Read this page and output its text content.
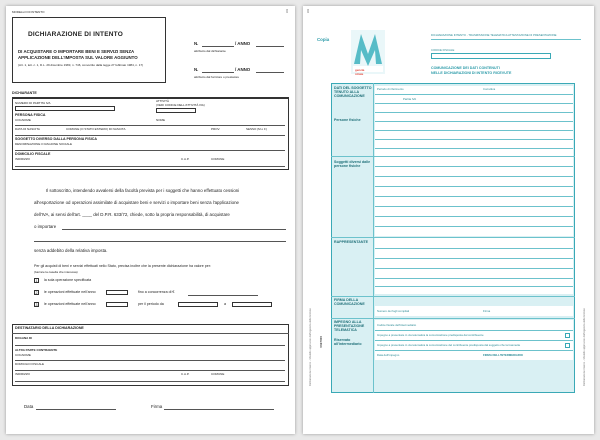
MODELLO DI INTENTO	▯
DICHIARAZIONE DI INTENTO
DI ACQUISTARE O IMPORTARE BENI E SERVIZI SENZA
APPLICAZIONE DELL'IMPOSTA SUL VALORE AGGIUNTO
(Art. 1, lett. c. 1, D.L. 29 dicembre 1983, n. 746, convertito dalla legge 27 febbraio 1984, n. 17)
N.	/ ANNO
attribuito dal dichiarante
N.	/ ANNO
attribuito dal fornitore o prestatore
DICHIARANTE
NUMERO DI PARTITA IVA	ATTIVITÀ
(VEDI CODICE DELL'ATTIVITÀ IVA)
PERSONA FISICA
COGNOME	NOME
DATA DI NASCITA	COMUNE (O STATO ESTERO) DI NASCITA	PROV.	SESSO (M o F)
SOGGETTO DIVERSO DALLA PERSONA FISICA
DENOMINAZIONE O RAGIONE SOCIALE
DOMICILIO FISCALE
INDIRIZZO	C.A.P.	COMUNE
Il sottoscritto, intendendo avvalersi della facoltà prevista per i soggetti che hanno effettuato cessioni
all'esportazione od operazioni assimilate di acquistare beni e servizi o importare beni senza l'applicazione
dell'IVA, ai sensi dell'art. ____ del D.P.R. 633/72, chiede, sotto la propria responsabilità, di acquistare
o importare
senza addebito della relativa imposta.
Per gli acquisti di beni e servizi effettuati nello Stato, precisa inoltre che la presente dichiarazione ha valore per:
(barrare la casella che interessa)
1	la sola operazione specificata
2	le operazioni effettuate nell'anno	fino a concorrenza di €
3	le operazioni effettuate nell'anno	per il periodo da	a
DESTINATARIO DELLA DICHIARAZIONE
DOGANA DI
ALTRA PARTE CONTRAENTE
COGNOME
DOMICILIO FISCALE
INDIRIZZO	C.A.P.	COMUNE
Data	Firma
▯
Copia
genzia
ntrate
DICHIARAZIONE INTENTO - TRASMISSIONE TELEMATICA ATTESTAZIONE DI PRESENTAZIONE
CODICE FISCALE
COMUNICAZIONE DEI DATI CONTENUTI
NELLE DICHIARAZIONI DI INTENTO RICEVUTE
Dichiarazione intento - Modello approvato dall'Agenzia delle Entrate	Dichiarazione intento - Modello approvato dall'Agenzia delle Entrate
0027000
DATI DEL SOGGETTO TENUTO ALLA COMUNICAZIONE
Periodo di riferimento	Correttiva
Partita IVA
Persone fisiche
Soggetti diversi dalle persone fisiche
RAPPRESENTANTE
FIRMA DELLA COMUNICAZIONE
Numero dei fogli compilati	Firma
IMPEGNO ALLA PRESENTAZIONE TELEMATICA
Codice fiscale dell'intermediario
Riservato all'intermediario
Impegno a presentare in via telematica la comunicazione predisposta dal contribuente
Impegno a presentare in via telematica la comunicazione del contribuente predisposta dal soggetto che la trasmette
Data dell'impegno	FIRMA DELL'INTERMEDIARIO
